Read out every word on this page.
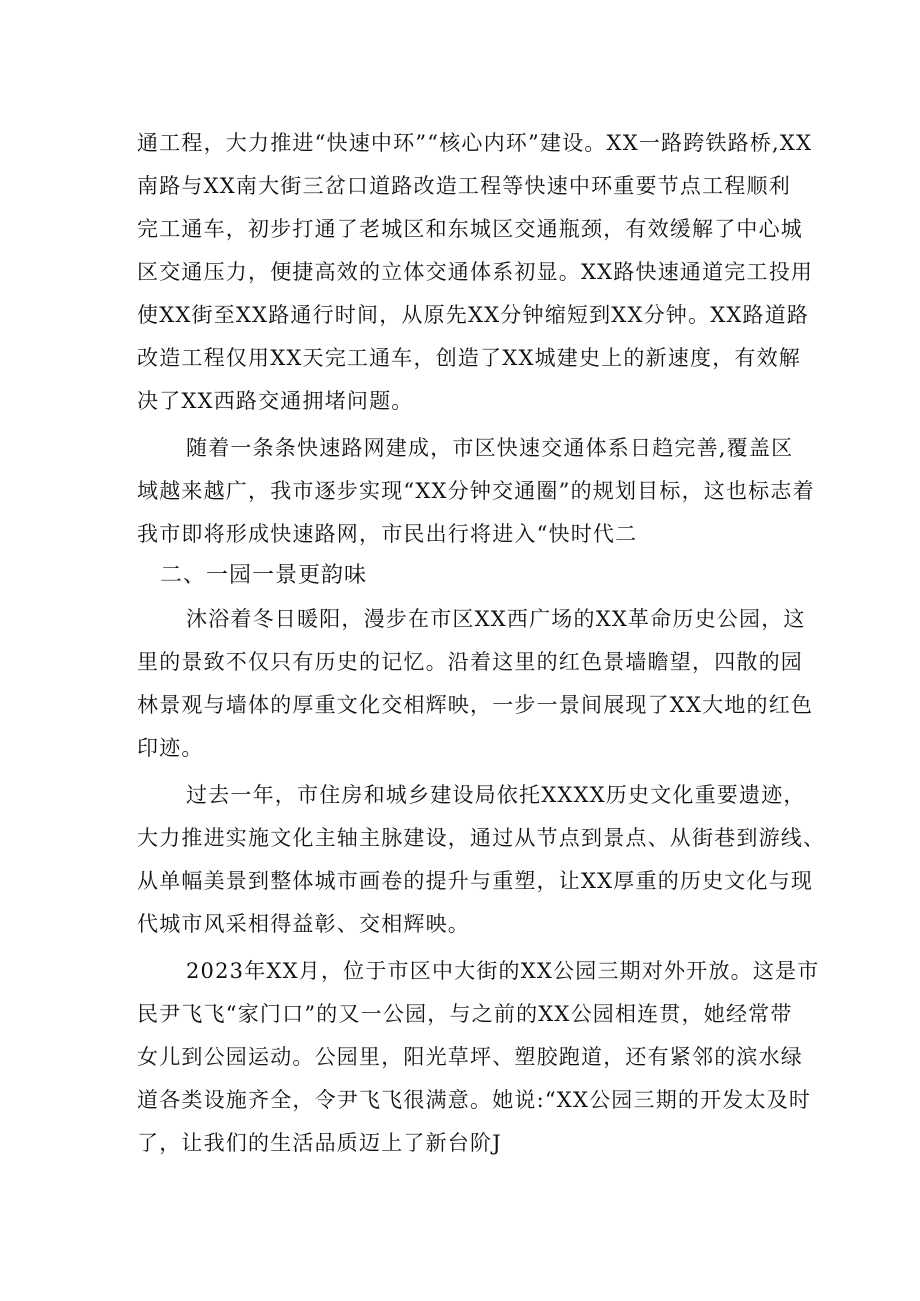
通工程，大力推进“快速中环”“核心内环”建设。XX一路跨铁路桥,XX
南路与XX南大街三岔口道路改造工程等快速中环重要节点工程顺利
完工通车，初步打通了老城区和东城区交通瓶颈，有效缓解了中心城
区交通压力，便捷高效的立体交通体系初显。XX路快速通道完工投用
使XX街至XX路通行时间，从原先XX分钟缩短到XX分钟。XX路道路
改造工程仅用XX天完工通车，创造了XX城建史上的新速度，有效解
决了XX西路交通拥堵问题。
随着一条条快速路网建成，市区快速交通体系日趋完善,覆盖区
域越来越广，我市逐步实现“XX分钟交通圈”的规划目标，这也标志着
我市即将形成快速路网，市民出行将进入“快时代二
二、一园一景更韵味
沐浴着冬日暖阳，漫步在市区XX西广场的XX革命历史公园，这
里的景致不仅只有历史的记忆。沿着这里的红色景墙瞻望，四散的园
林景观与墙体的厚重文化交相辉映，一步一景间展现了XX大地的红色
印迹。
过去一年，市住房和城乡建设局依托XXXX历史文化重要遗迹，
大力推进实施文化主轴主脉建设，通过从节点到景点、从街巷到游线、
从单幅美景到整体城市画卷的提升与重塑，让XX厚重的历史文化与现
代城市风采相得益彰、交相辉映。
2023年XX月，位于市区中大街的XX公园三期对外开放。这是市
民尹飞飞“家门口”的又一公园，与之前的XX公园相连贯，她经常带
女儿到公园运动。公园里，阳光草坪、塑胶跑道，还有紧邻的滨水绿
道各类设施齐全，令尹飞飞很满意。她说:“XX公园三期的开发太及时
了，让我们的生活品质迈上了新台阶J
